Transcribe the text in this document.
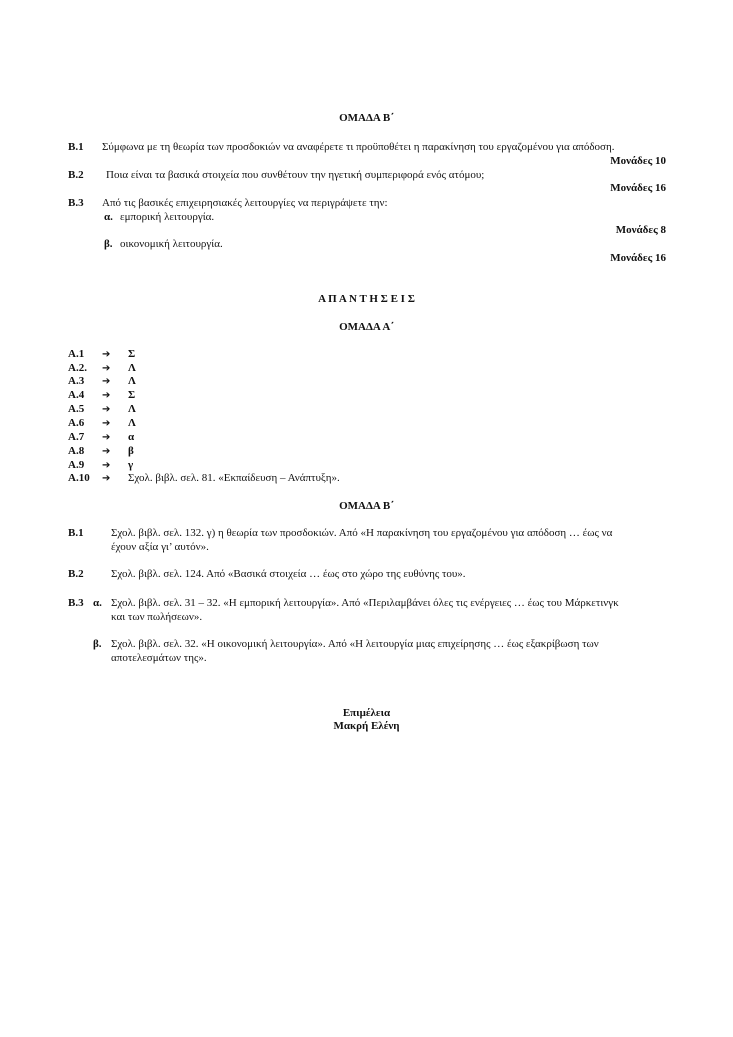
ΟΜΑΔΑ Β΄
Β.1 Σύμφωνα με τη θεωρία των προσδοκιών να αναφέρετε τι προϋποθέτει η παρακίνηση του εργαζομένου για απόδοση.
Μονάδες 10
Β.2 Ποια είναι τα βασικά στοιχεία που συνθέτουν την ηγετική συμπεριφορά ενός ατόμου;
Μονάδες 16
Β.3 Από τις βασικές επιχειρησιακές λειτουργίες να περιγράψετε την:
α. εμπορική λειτουργία.
Μονάδες 8
β. οικονομική λειτουργία.
Μονάδες 16
Α Π Α Ν Τ Η Σ Ε Ι Σ
ΟΜΑΔΑ Α΄
Α.1 ➔ Σ
Α.2. ➔ Λ
Α.3 ➔ Λ
Α.4 ➔ Σ
Α.5 ➔ Λ
Α.6 ➔ Λ
Α.7 ➔ α
Α.8 ➔ β
Α.9 ➔ γ
Α.10 ➔ Σχολ. βιβλ. σελ. 81. «Εκπαίδευση – Ανάπτυξη».
ΟΜΑΔΑ Β΄
Β.1 Σχολ. βιβλ. σελ. 132. γ) η θεωρία των προσδοκιών. Από «Η παρακίνηση του εργαζομένου για απόδοση … έως να
έχουν αξία γι’ αυτόν».
Β.2 Σχολ. βιβλ. σελ. 124. Από «Βασικά στοιχεία … έως στο χώρο της ευθύνης του».
Β.3 α. Σχολ. βιβλ. σελ. 31 – 32. «Η εμπορική λειτουργία». Από «Περιλαμβάνει όλες τις ενέργειες … έως του Μάρκετινγκ
και των πωλήσεων».
β. Σχολ. βιβλ. σελ. 32. «Η οικονομική λειτουργία». Από «Η λειτουργία μιας επιχείρησης … έως εξακρίβωση των
αποτελεσμάτων της».
Επιμέλεια
Μακρή Ελένη
